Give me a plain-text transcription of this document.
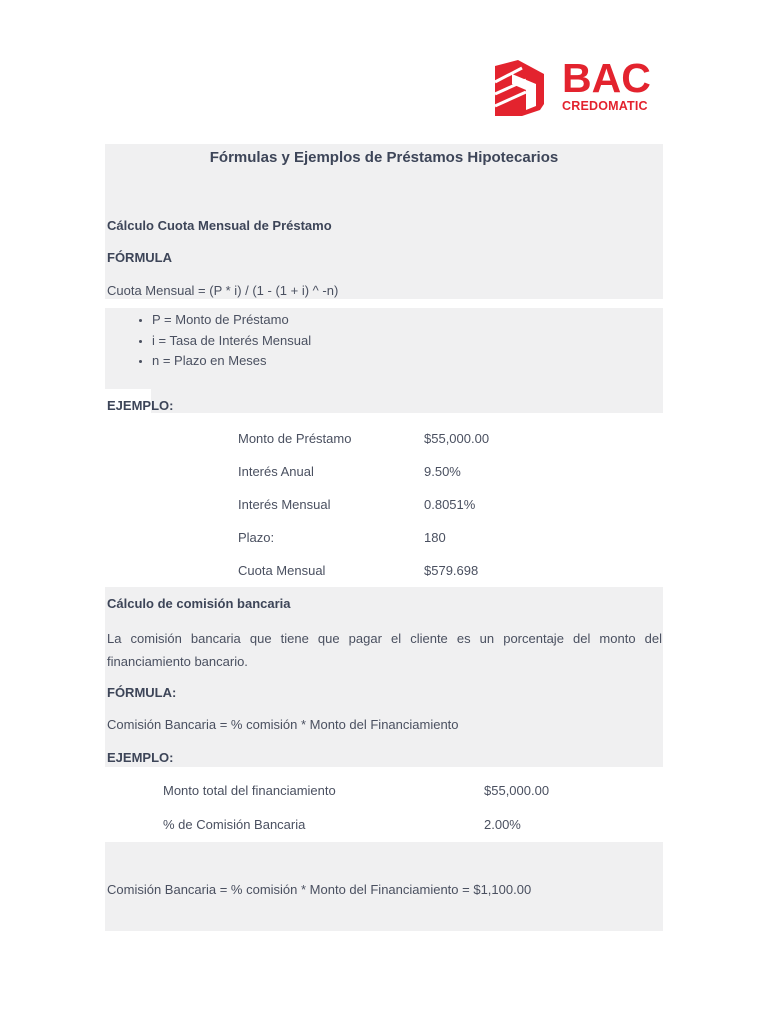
BAC
CREDOMATIC
Fórmulas y Ejemplos de Préstamos Hipotecarios
Cálculo Cuota Mensual de Préstamo
FÓRMULA
Cuota Mensual = (P * i) / (1 - (1 + i) ^ -n)
• P = Monto de Préstamo
• i = Tasa de Interés Mensual
• n = Plazo en Meses
EJEMPLO:
Monto de Préstamo	$55,000.00
Interés Anual	9.50%
Interés Mensual	0.8051%
Plazo:	180
Cuota Mensual	$579.698
Cálculo de comisión bancaria
La comisión bancaria que tiene que pagar el cliente es un porcentaje del monto del financiamiento bancario.
FÓRMULA:
Comisión Bancaria = % comisión * Monto del Financiamiento
EJEMPLO:
Monto total del financiamiento	$55,000.00
% de Comisión Bancaria	2.00%
Comisión Bancaria = % comisión * Monto del Financiamiento = $1,100.00
